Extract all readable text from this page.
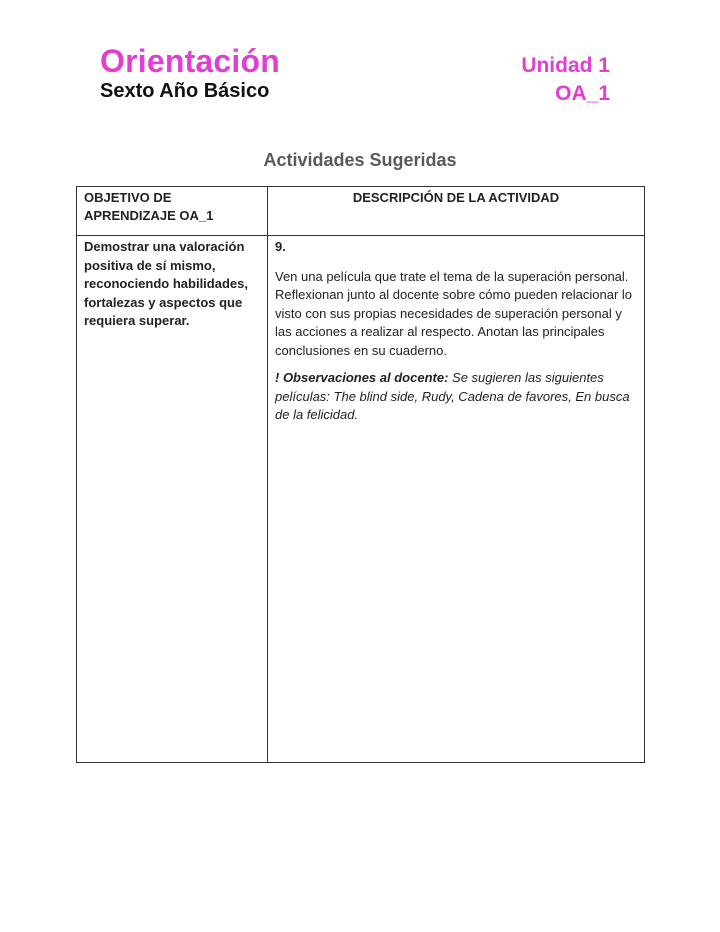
Orientación
Sexto Año Básico
Unidad 1
OA_1
Actividades Sugeridas
OBJETIVO DE APRENDIZAJE OA_1	DESCRIPCIÓN DE LA ACTIVIDAD
Demostrar una valoración positiva de sí mismo, reconociendo habilidades, fortalezas y aspectos que requiera superar.	9.
Ven una película que trate el tema de la superación personal. Reflexionan junto al docente sobre cómo pueden relacionar lo visto con sus propias necesidades de superación personal y las acciones a realizar al respecto. Anotan las principales conclusiones en su cuaderno.
! Observaciones al docente: Se sugieren las siguientes películas: The blind side, Rudy, Cadena de favores, En busca de la felicidad.
